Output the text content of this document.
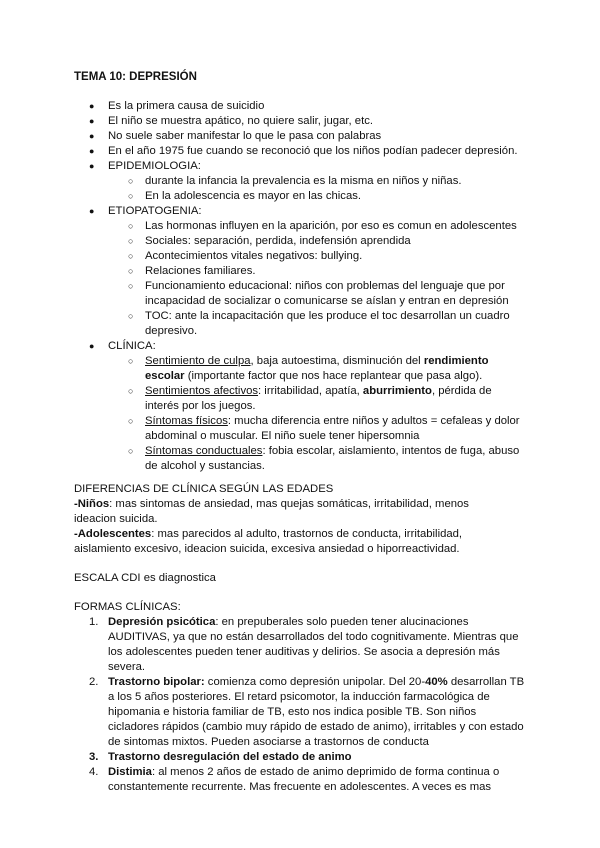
TEMA 10: DEPRESIÓN
● Es la primera causa de suicidio
● El niño se muestra apático, no quiere salir, jugar, etc.
● No suele saber manifestar lo que le pasa con palabras
● En el año 1975 fue cuando se reconoció que los niños podían padecer depresión.
● EPIDEMIOLOGIA:
○ durante la infancia la prevalencia es la misma en niños y niñas.
○ En la adolescencia es mayor en las chicas.
● ETIOPATOGENIA:
○ Las hormonas influyen en la aparición, por eso es comun en adolescentes
○ Sociales: separación, perdida, indefensión aprendida
○ Acontecimientos vitales negativos: bullying.
○ Relaciones familiares.
○ Funcionamiento educacional: niños con problemas del lenguaje que por incapacidad de socializar o comunicarse se aíslan y entran en depresión
○ TOC: ante la incapacitación que les produce el toc desarrollan un cuadro depresivo.
● CLÍNICA:
○ Sentimiento de culpa, baja autoestima, disminución del rendimiento escolar (importante factor que nos hace replantear que pasa algo).
○ Sentimientos afectivos: irritabilidad, apatía, aburrimiento, pérdida de interés por los juegos.
○ Síntomas físicos: mucha diferencia entre niños y adultos = cefaleas y dolor abdominal o muscular. El niño suele tener hipersomnia
○ Síntomas conductuales: fobia escolar, aislamiento, intentos de fuga, abuso de alcohol y sustancias.
DIFERENCIAS DE CLÍNICA SEGÚN LAS EDADES
-Niños: mas sintomas de ansiedad, mas quejas somáticas, irritabilidad, menos ideacion suicida.
-Adolescentes: mas parecidos al adulto, trastornos de conducta, irritabilidad, aislamiento excesivo, ideacion suicida, excesiva ansiedad o hiporreactividad.
ESCALA CDI es diagnostica
FORMAS CLÍNICAS:
1. Depresión psicótica: en prepuberales solo pueden tener alucinaciones AUDITIVAS, ya que no están desarrollados del todo cognitivamente. Mientras que los adolescentes pueden tener auditivas y delirios. Se asocia a depresión más severa.
2. Trastorno bipolar: comienza como depresión unipolar. Del 20-40% desarrollan TB a los 5 años posteriores. El retard psicomotor, la inducción farmacológica de hipomania e historia familiar de TB, esto nos indica posible TB. Son niños cicladores rápidos (cambio muy rápido de estado de animo), irritables y con estado de sintomas mixtos. Pueden asociarse a trastornos de conducta
3. Trastorno desregulación del estado de animo
4. Distimia: al menos 2 años de estado de animo deprimido de forma continua o constantemente recurrente. Mas frecuente en adolescentes. A veces es mas
